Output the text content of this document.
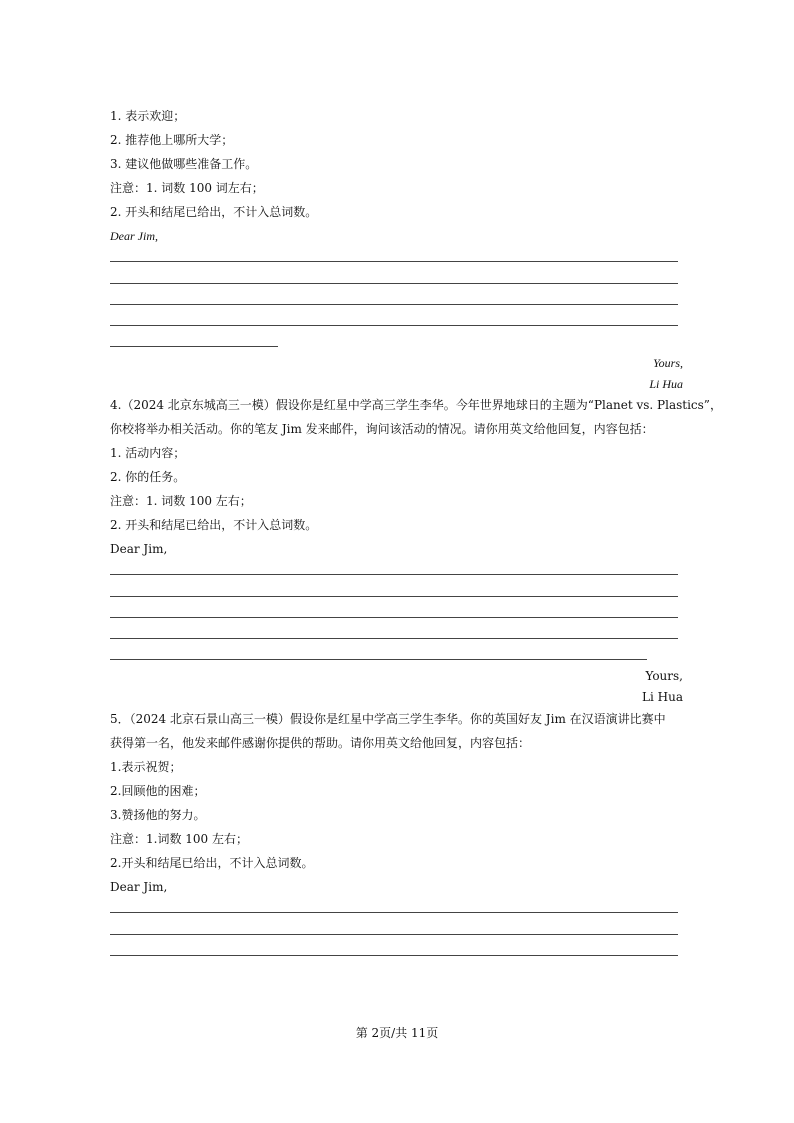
1. 表示欢迎；
2. 推荐他上哪所大学；
3. 建议他做哪些准备工作。
注意：1. 词数 100 词左右；
2. 开头和结尾已给出，不计入总词数。
Dear Jim,
Yours,
Li Hua
4.（2024 北京东城高三一模）假设你是红星中学高三学生李华。今年世界地球日的主题为“Planet vs. Plastics”，
你校将举办相关活动。你的笔友 Jim 发来邮件，询问该活动的情况。请你用英文给他回复，内容包括：
1. 活动内容；
2. 你的任务。
注意：1. 词数 100 左右；
2. 开头和结尾已给出，不计入总词数。
Dear Jim,
Yours,
Li Hua
5．（2024 北京石景山高三一模）假设你是红星中学高三学生李华。你的英国好友 Jim 在汉语演讲比赛中
获得第一名，他发来邮件感谢你提供的帮助。请你用英文给他回复，内容包括：
1.表示祝贺；
2.回顾他的困难；
3.赞扬他的努力。
注意：1.词数 100 左右；
2.开头和结尾已给出，不计入总词数。
Dear Jim,
第 2页/共 11页
